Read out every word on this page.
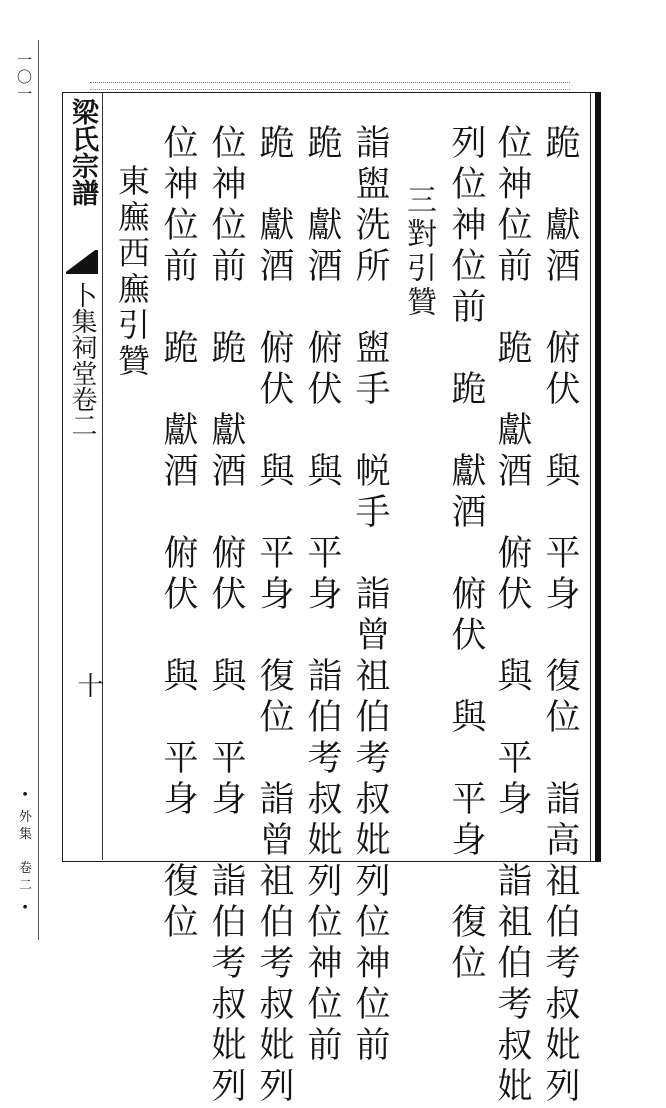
一〇一
• 外集　卷二 •
梁氏宗譜
卜集祠堂卷二
十	跪　獻酒　俯伏　與　平身　復位　詣高祖伯考叔妣列
位神位前　跪　獻酒　俯伏　與　平身　詣祖伯考叔妣
列位神位前　跪　獻酒　俯伏　與　平身　復位
　三對引贊
詣盥洗所　盥手　帨手　詣曾祖伯考叔妣列位神位前
跪　獻酒　俯伏　與　平身　詣伯考叔妣列位神位前
跪　獻酒　俯伏　與　平身　復位　詣曾祖伯考叔妣列
位神位前　跪　獻酒　俯伏　與　平身　詣伯考叔妣列
位神位前　跪　獻酒　俯伏　與　平身　復位
東廡西廡引贊
